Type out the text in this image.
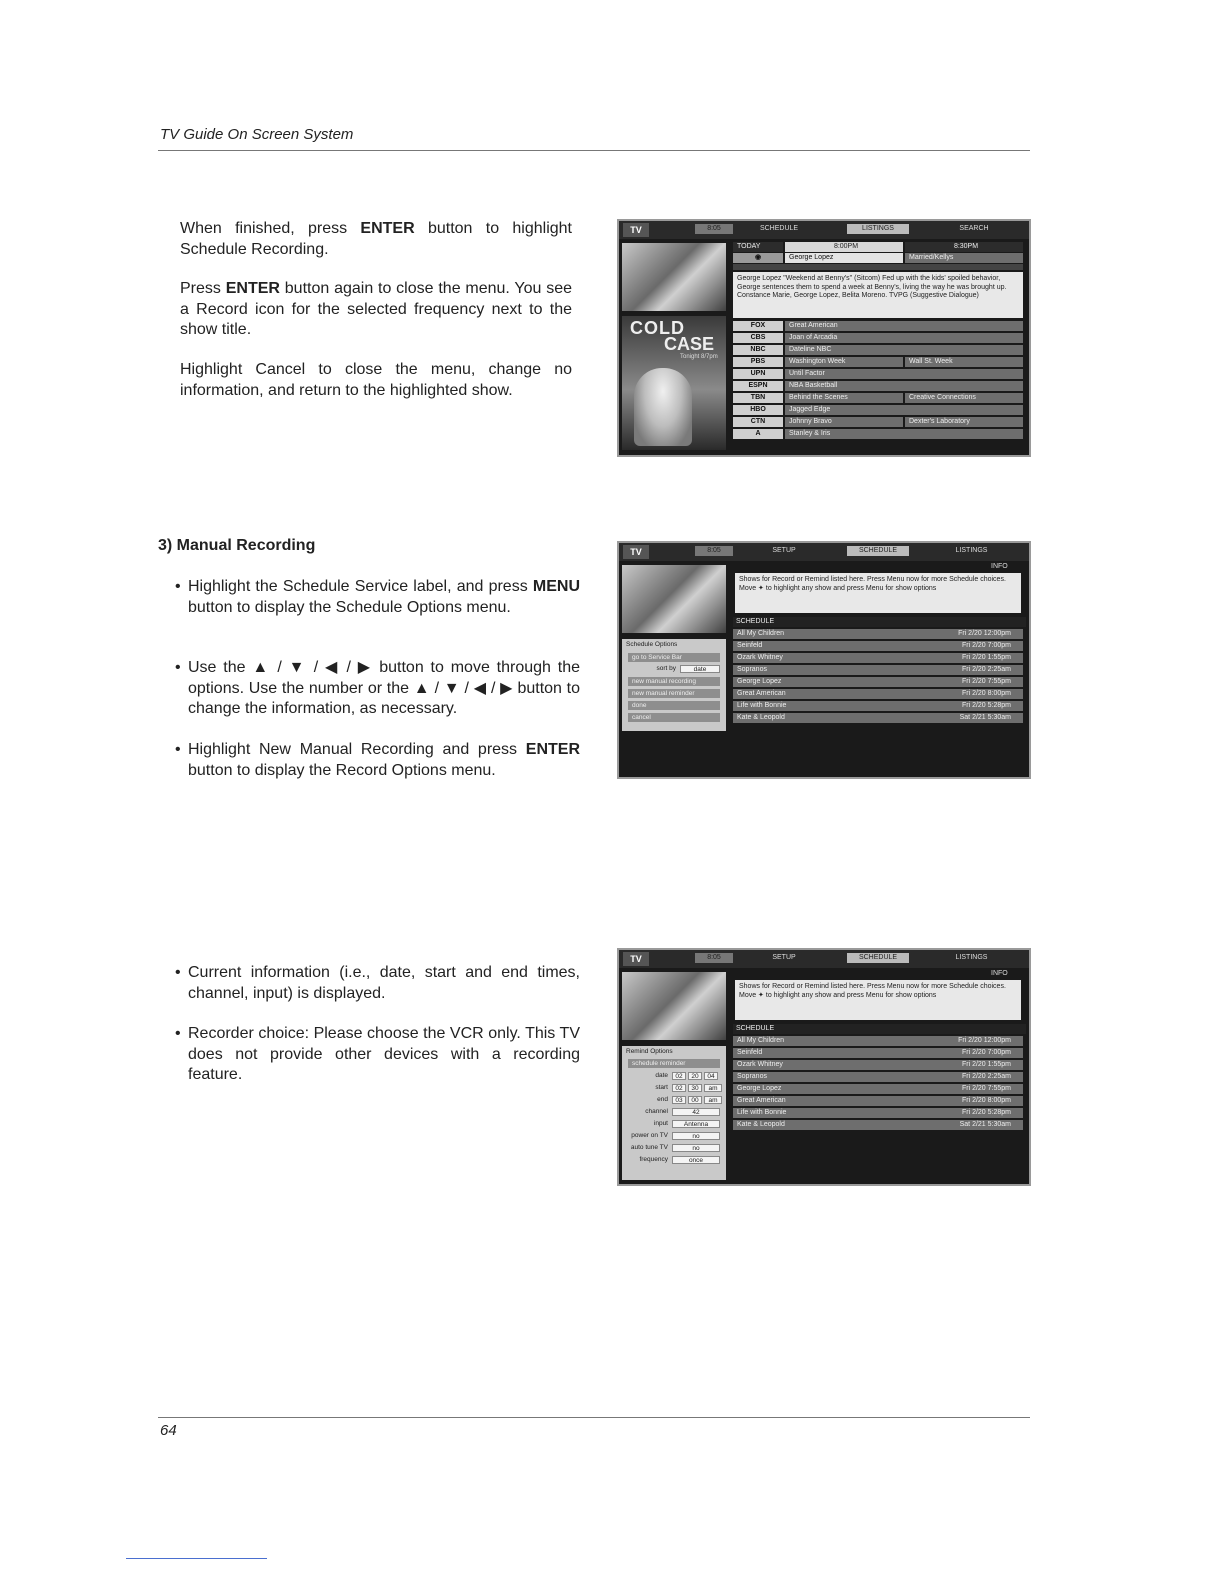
TV Guide On Screen System

When finished, press ENTER button to highlight Schedule Recording.

Press ENTER button again to close the menu. You see a Record icon for the selected frequency next to the show title.

Highlight Cancel to close the menu, change no information, and return to the highlighted show.

TV	8:05	SCHEDULE	LISTINGS	SEARCH
TODAY	8:00PM	8:30PM
◉	George Lopez	Married/Kellys
George Lopez "Weekend at Benny's" (Sitcom) Fed up with the kids' spoiled behavior, George sentences them to spend a week at Benny's, living the way he was brought up. Constance Marie, George Lopez, Belita Moreno. TVPG (Suggestive Dialogue)
COLD
CASE
Tonight 8/7pm
FOX	Great American
CBS	Joan of Arcadia
NBC	Dateline NBC
PBS	Washington Week	Wall St. Week
UPN	Until Factor
ESPN	NBA Basketball
TBN	Behind the Scenes	Creative Connections
HBO	Jagged Edge
CTN	Johnny Bravo	Dexter's Laboratory
A	Stanley & Iris
3) Manual Recording

• Highlight the Schedule Service label, and press MENU button to display the Schedule Options menu.

• Use the ▲ / ▼ / ◀ / ▶ button to move through the options. Use the number or the ▲ / ▼ / ◀ / ▶ button to change the information, as necessary.

• Highlight New Manual Recording and press ENTER button to display the Record Options menu.

TV	8:05	SETUP	SCHEDULE	LISTINGS
INFO
Shows for Record or Remind listed here. Press Menu now for more Schedule choices. Move ✦ to highlight any show and press Menu for show options
SCHEDULE
Schedule Options
go to Service Bar
sort by	date
new manual recording
new manual reminder
done
cancel
All My Children	Fri 2/20 12:00pm
Seinfeld	Fri 2/20 7:00pm
Ozark Whitney	Fri 2/20 1:55pm
Sopranos	Fri 2/20 2:25am
George Lopez	Fri 2/20 7:55pm
Great American	Fri 2/20 8:00pm
Life with Bonnie	Fri 2/20 5:28pm
Kate & Leopold	Sat 2/21 5:30am

• Current information (i.e., date, start and end times, channel, input) is displayed.

• Recorder choice: Please choose the VCR only. This TV does not provide other devices with a recording feature.

TV	8:05	SETUP	SCHEDULE	LISTINGS
INFO
Shows for Record or Remind listed here. Press Menu now for more Schedule choices. Move ✦ to highlight any show and press Menu for show options
SCHEDULE
Remind Options
schedule reminder
date	02	20	04
start	02	30	am
end	03	00	am
channel	42
input	Antenna
power on TV	no
auto tune TV	no
frequency	once
All My Children	Fri 2/20 12:00pm
Seinfeld	Fri 2/20 7:00pm
Ozark Whitney	Fri 2/20 1:55pm
Sopranos	Fri 2/20 2:25am
George Lopez	Fri 2/20 7:55pm
Great American	Fri 2/20 8:00pm
Life with Bonnie	Fri 2/20 5:28pm
Kate & Leopold	Sat 2/21 5:30am
64
